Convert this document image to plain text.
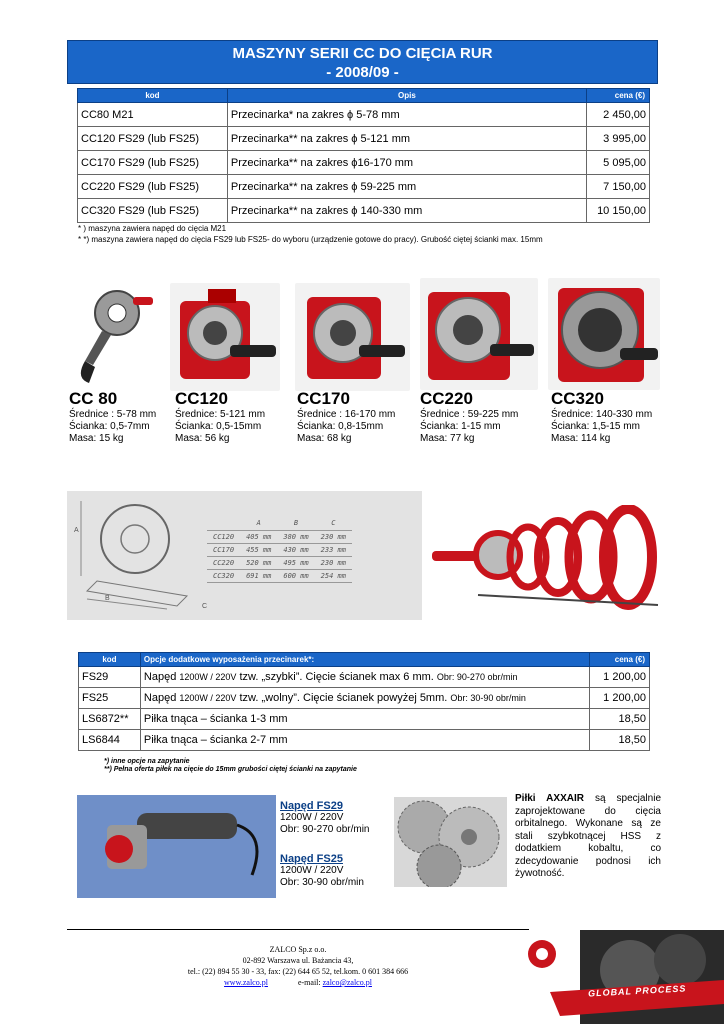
MASZYNY SERII CC DO CIĘCIA RUR
- 2008/09 -
kod	Opis	cena (€)
CC80 M21	Przecinarka* na zakres ϕ 5-78 mm	2 450,00
CC120 FS29 (lub FS25)	Przecinarka** na zakres ϕ 5-121 mm	3 995,00
CC170 FS29 (lub FS25)	Przecinarka** na zakres ϕ16-170 mm	5 095,00
CC220 FS29 (lub FS25)	Przecinarka** na zakres ϕ 59-225 mm	7 150,00
CC320 FS29 (lub FS25)	Przecinarka** na zakres ϕ 140-330 mm	10 150,00
* ) maszyna zawiera napęd do cięcia M21
* *) maszyna zawiera napęd do cięcia FS29 lub FS25- do wyboru (urządzenie gotowe do pracy). Grubość ciętej ścianki max. 15mm
CC 80
Średnice : 5-78 mm
Ścianka: 0,5-7mm
Masa: 15 kg
CC120
Średnice: 5-121 mm
Ścianka: 0,5-15mm
Masa: 56 kg
CC170
Średnice : 16-170 mm
Ścianka: 0,8-15mm
Masa: 68 kg
CC220
Średnice : 59-225 mm
Ścianka: 1-15 mm
Masa: 77 kg
CC320
Średnice: 140-330 mm
Ścianka: 1,5-15 mm
Masa: 114 kg
A
B
C
	A	B	C
CC120	405 mm	380 mm	230 mm
CC170	455 mm	430 mm	233 mm
CC220	520 mm	495 mm	230 mm
CC320	691 mm	600 mm	254 mm
kod	Opcje dodatkowe wyposażenia przecinarek*:	cena (€)
FS29	Napęd 1200W / 220V tzw. „szybki”. Cięcie ścianek max 6 mm. Obr: 90-270 obr/min	1 200,00
FS25	Napęd 1200W / 220V tzw. „wolny”. Cięcie ścianek powyżej 5mm. Obr: 30-90 obr/min	1 200,00
LS6872**	Piłka tnąca – ścianka 1-3 mm	18,50
LS6844	Piłka tnąca – ścianka 2-7 mm	18,50
*) inne opcje na zapytanie
**) Pełna oferta piłek na cięcie do 15mm grubości ciętej ścianki na zapytanie
Napęd FS29
1200W / 220V
Obr: 90-270 obr/min
Napęd FS25
1200W / 220V
Obr: 30-90 obr/min
Piłki AXXAIR są specjalnie zaprojektowane do cięcia orbitalnego. Wykonane są ze stali szybkotnącej HSS z dodatkiem kobaltu, co zdecydowanie podnosi ich żywotność.
ZALCO Sp.z o.o.
02-892 Warszawa ul. Bażancia 43,
tel.: (22) 894 55 30 - 33, fax: (22) 644 65 52, tel.kom. 0 601 384 666
www.zalco.pl	e-mail: zalco@zalco.pl
GLOBAL PROCESS
